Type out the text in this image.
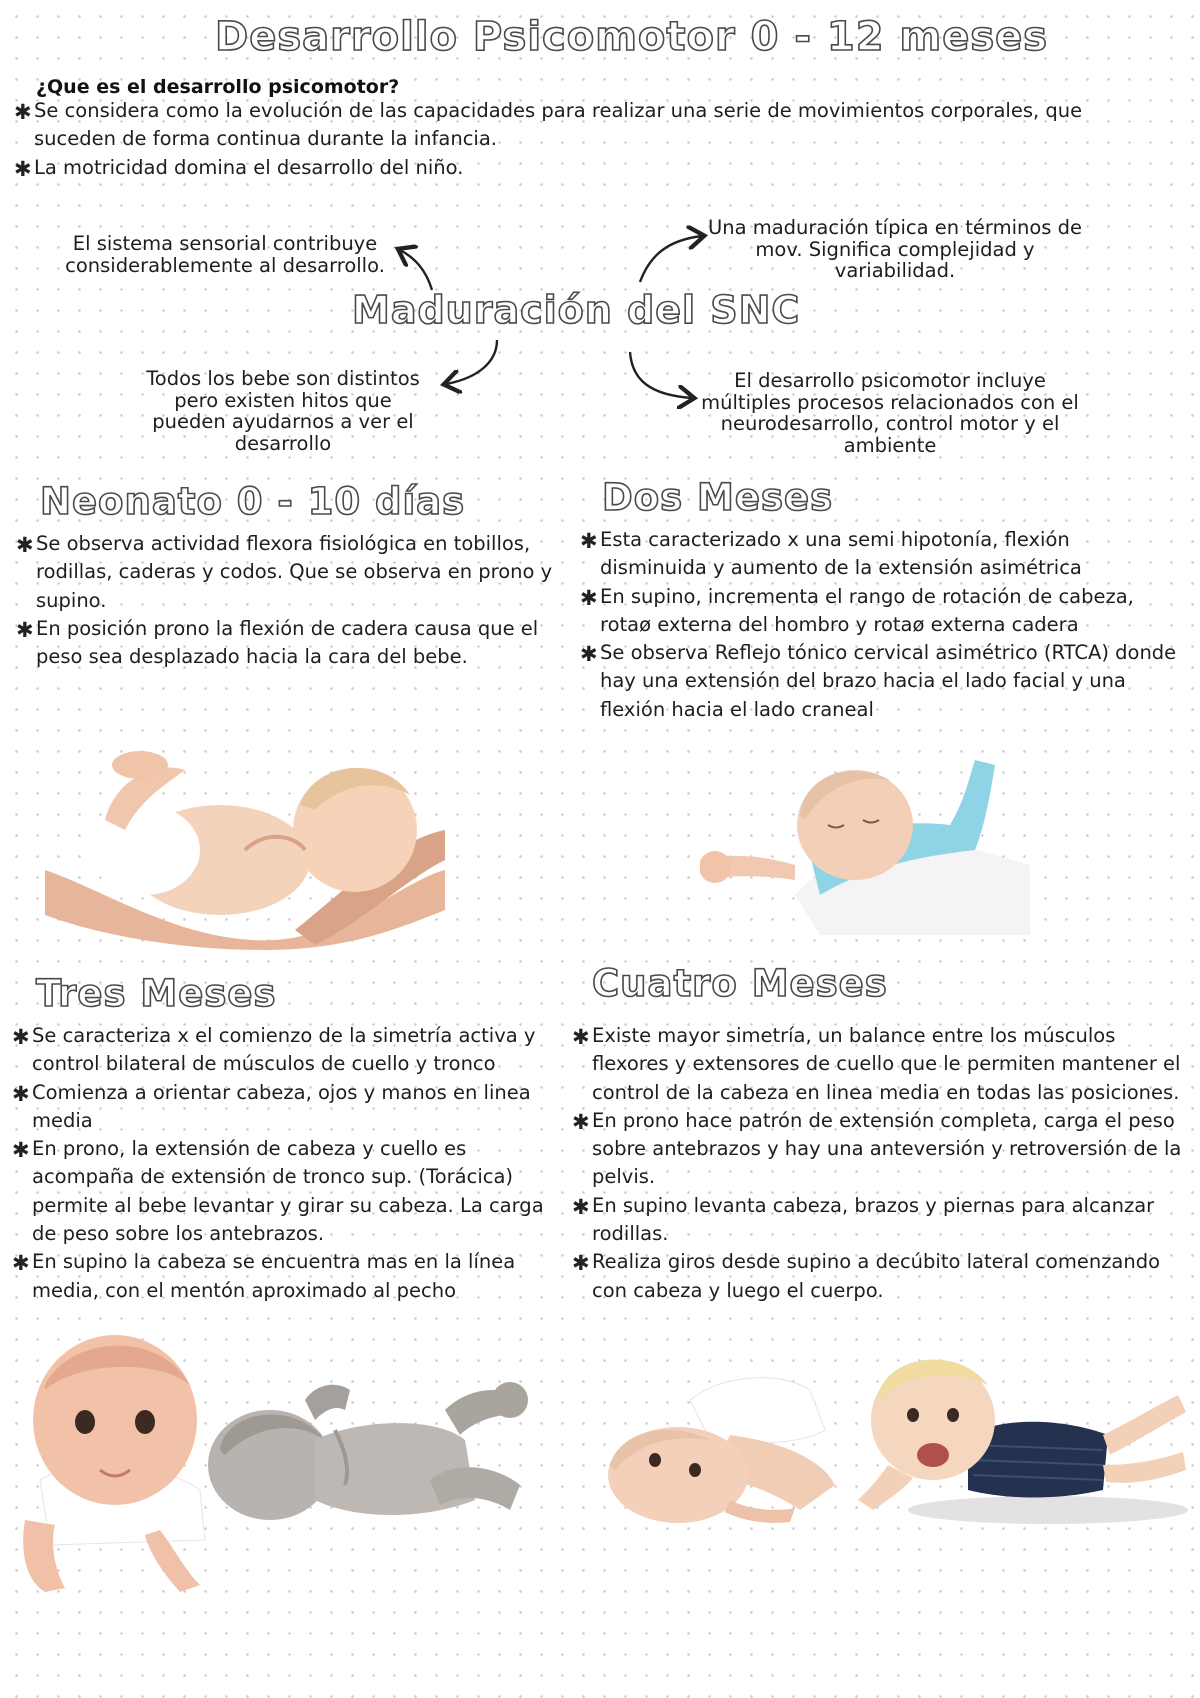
Desarrollo Psicomotor 0 - 12 meses
¿Que es el desarrollo psicomotor?
✱ Se considera como la evolución de las capacidades para realizar una serie de movimientos corporales, que suceden de forma continua durante la infancia.
✱ La motricidad domina el desarrollo del niño.
Maduración del SNC
El sistema sensorial contribuye considerablemente al desarrollo.
Una maduración típica en términos de mov. Significa complejidad y variabilidad.
Todos los bebe son distintos pero existen hitos que pueden ayudarnos a ver el desarrollo
El desarrollo psicomotor incluye múltiples procesos relacionados con el neurodesarrollo, control motor y el ambiente
Neonato 0 - 10 días
✱ Se observa actividad flexora fisiológica en tobillos, rodillas, caderas y codos. Que se observa en prono y supino.
✱ En posición prono la flexión de cadera causa que el peso sea desplazado hacia la cara del bebe.
Dos Meses
✱ Esta caracterizado x una semi hipotonía, flexión disminuida y aumento de la extensión asimétrica
✱ En supino, incrementa el rango de rotación de cabeza, rotaø externa del hombro y rotaø externa cadera
✱ Se observa Reflejo tónico cervical asimétrico (RTCA) donde hay una extensión del brazo hacia el lado facial y una flexión hacia el lado craneal
Tres Meses
✱ Se caracteriza x el comienzo de la simetría activa y control bilateral de músculos de cuello y tronco
✱ Comienza a orientar cabeza, ojos y manos en linea media
✱ En prono, la extensión de cabeza y cuello es acompaña de extensión de tronco sup. (Torácica) permite al bebe levantar y girar su cabeza. La carga de peso sobre los antebrazos.
✱ En supino la cabeza se encuentra mas en la línea media, con el mentón aproximado al pecho
Cuatro Meses
✱ Existe mayor simetría, un balance entre los músculos flexores y extensores de cuello que le permiten mantener el control de la cabeza en linea media en todas las posiciones.
✱ En prono hace patrón de extensión completa, carga el peso sobre antebrazos y hay una anteversión y retroversión de la pelvis.
✱ En supino levanta cabeza, brazos y piernas para alcanzar rodillas.
✱ Realiza giros desde supino a decúbito lateral comenzando con cabeza y luego el cuerpo.
